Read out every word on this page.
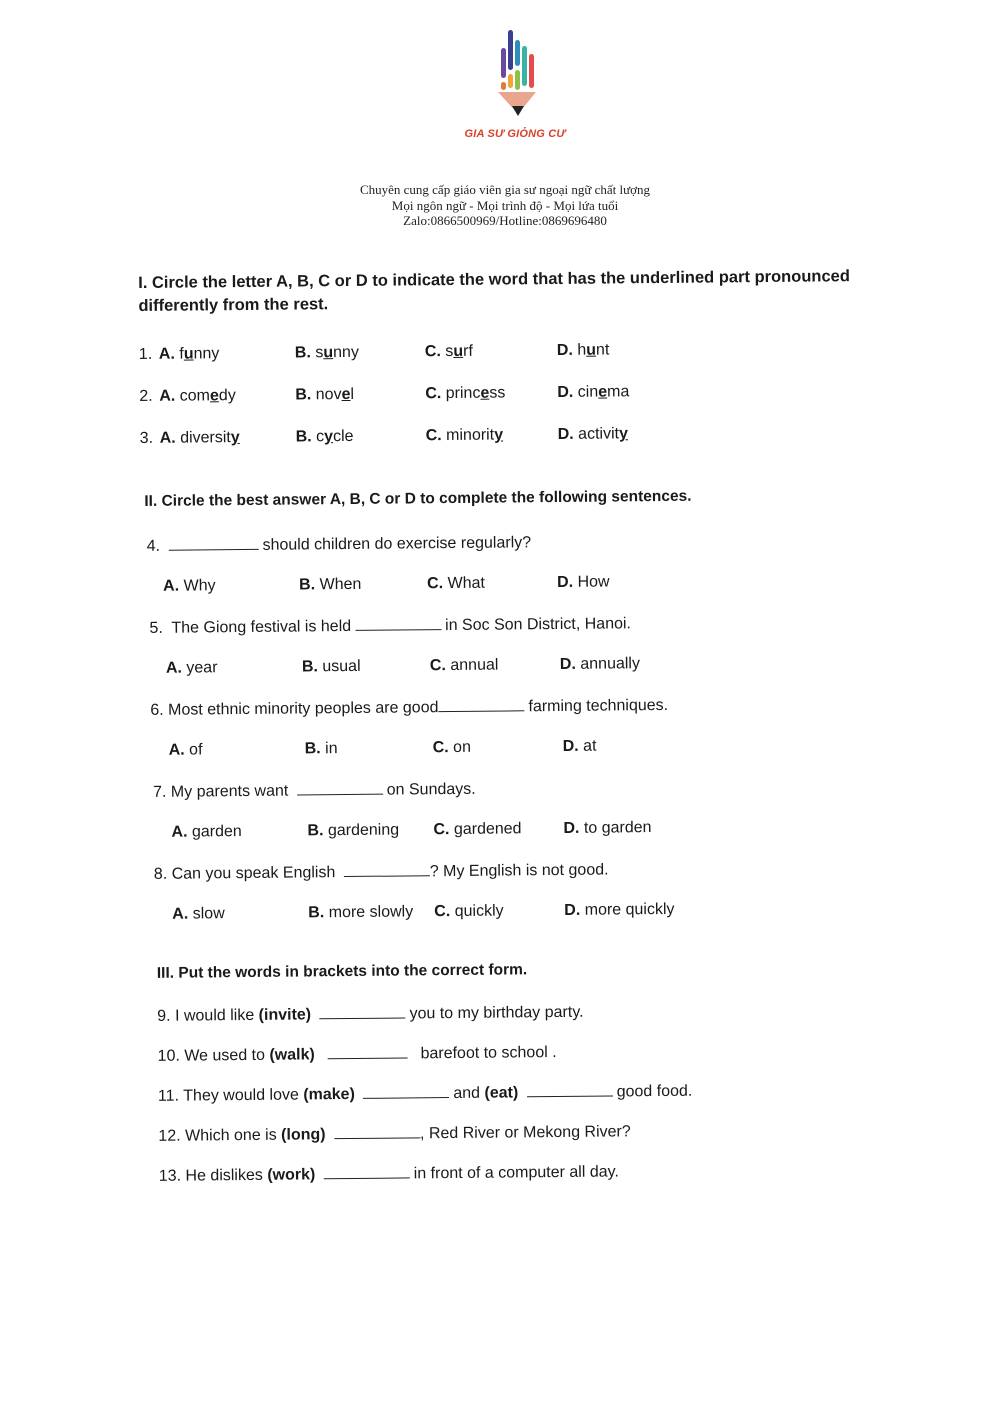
GIA SƯ GIỎNG CƯ
Chuyên cung cấp giáo viên gia sư ngoại ngữ chất lượng
Mọi ngôn ngữ - Mọi trình độ - Mọi lứa tuổi
Zalo:0866500969/Hotline:0869696480
I. Circle the letter A, B, C or D to indicate the word that has the underlined part pronounced
differently from the rest.
1. A. funny	B. sunny	C. surf	D. hunt
2. A. comedy	B. novel	C. princess	D. cinema
3. A. diversity	B. cycle	C. minority	D. activity
II. Circle the best answer A, B, C or D to complete the following sentences.
4.	should children do exercise regularly?
A. Why	B. When	C. What	D. How
5. The Giong festival is held	in Soc Son District, Hanoi.
A. year	B. usual	C. annual	D. annually
6. Most ethnic minority peoples are good	farming techniques.
A. of	B. in	C. on	D. at
7. My parents want	on Sundays.
A. garden	B. gardening C. gardened	D. to garden
8. Can you speak English	? My English is not good.
A. slow	B. more slowly C. quickly	D. more quickly
III. Put the words in brackets into the correct form.
9. I would like (invite)	you to my birthday party.
10. We used to (walk)	barefoot to school .
11. They would love (make)	and (eat)	good food.
12. Which one is (long)	, Red River or Mekong River?
13. He dislikes (work)	in front of a computer all day.
